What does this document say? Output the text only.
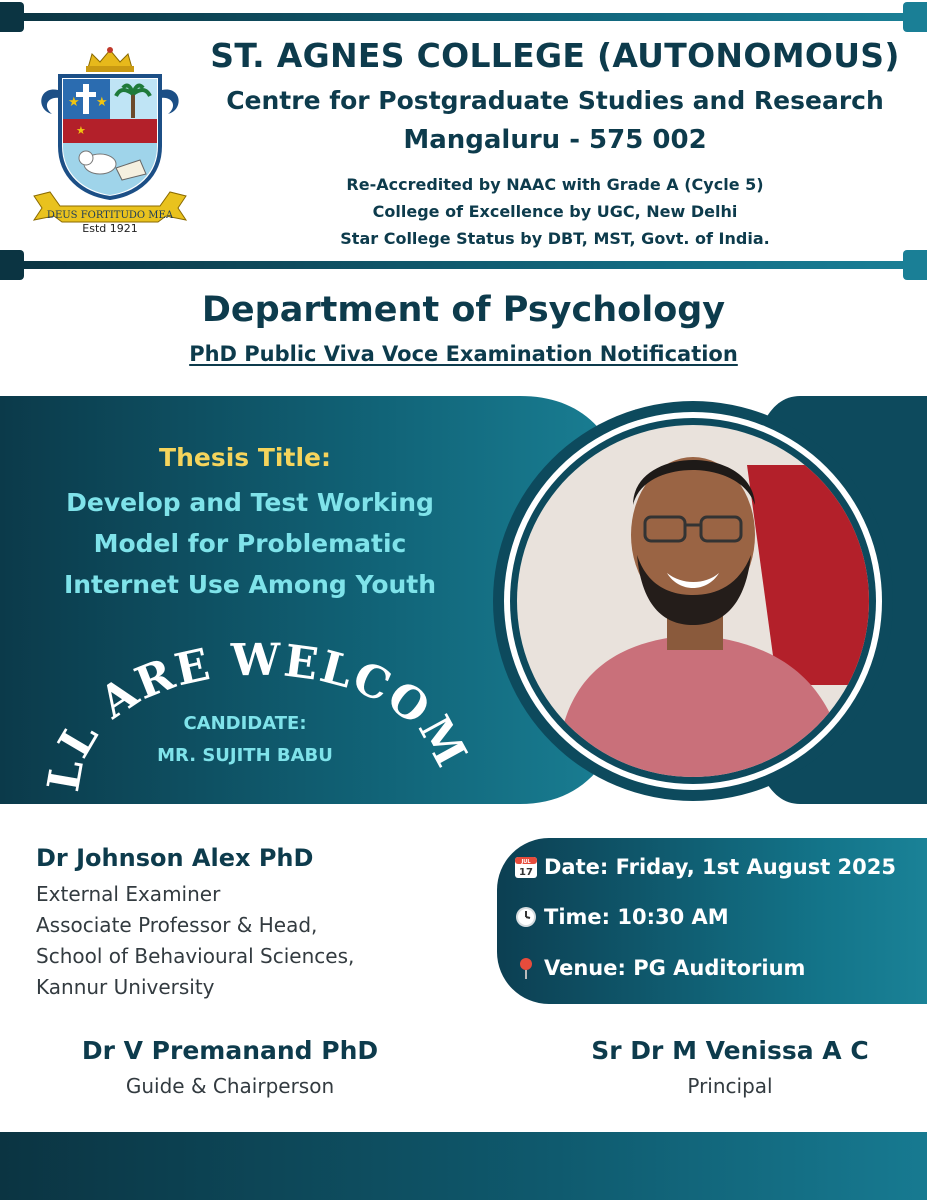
★ ★
★
DEUS FORTITUDO MEA
Estd 1921
ST. AGNES COLLEGE (AUTONOMOUS)
Centre for Postgraduate Studies and Research
Mangaluru - 575 002
Re-Accredited by NAAC with Grade A (Cycle 5)
College of Excellence by UGC, New Delhi
Star College Status by DBT, MST, Govt. of India.
Department of Psychology
PhD Public Viva Voce Examination Notification
Thesis Title:
Develop and Test Working
Model for Problematic
Internet Use Among Youth
LL ARE WELCOM
CANDIDATE:
MR. SUJITH BABU
Dr Johnson Alex PhD
External Examiner
Associate Professor & Head,
School of Behavioural Sciences,
Kannur University
JUL
17 Date: Friday, 1st August 2025
Time: 10:30 AM
Venue: PG Auditorium
Dr V Premanand PhD
Guide & Chairperson
Sr Dr M Venissa A C
Principal
